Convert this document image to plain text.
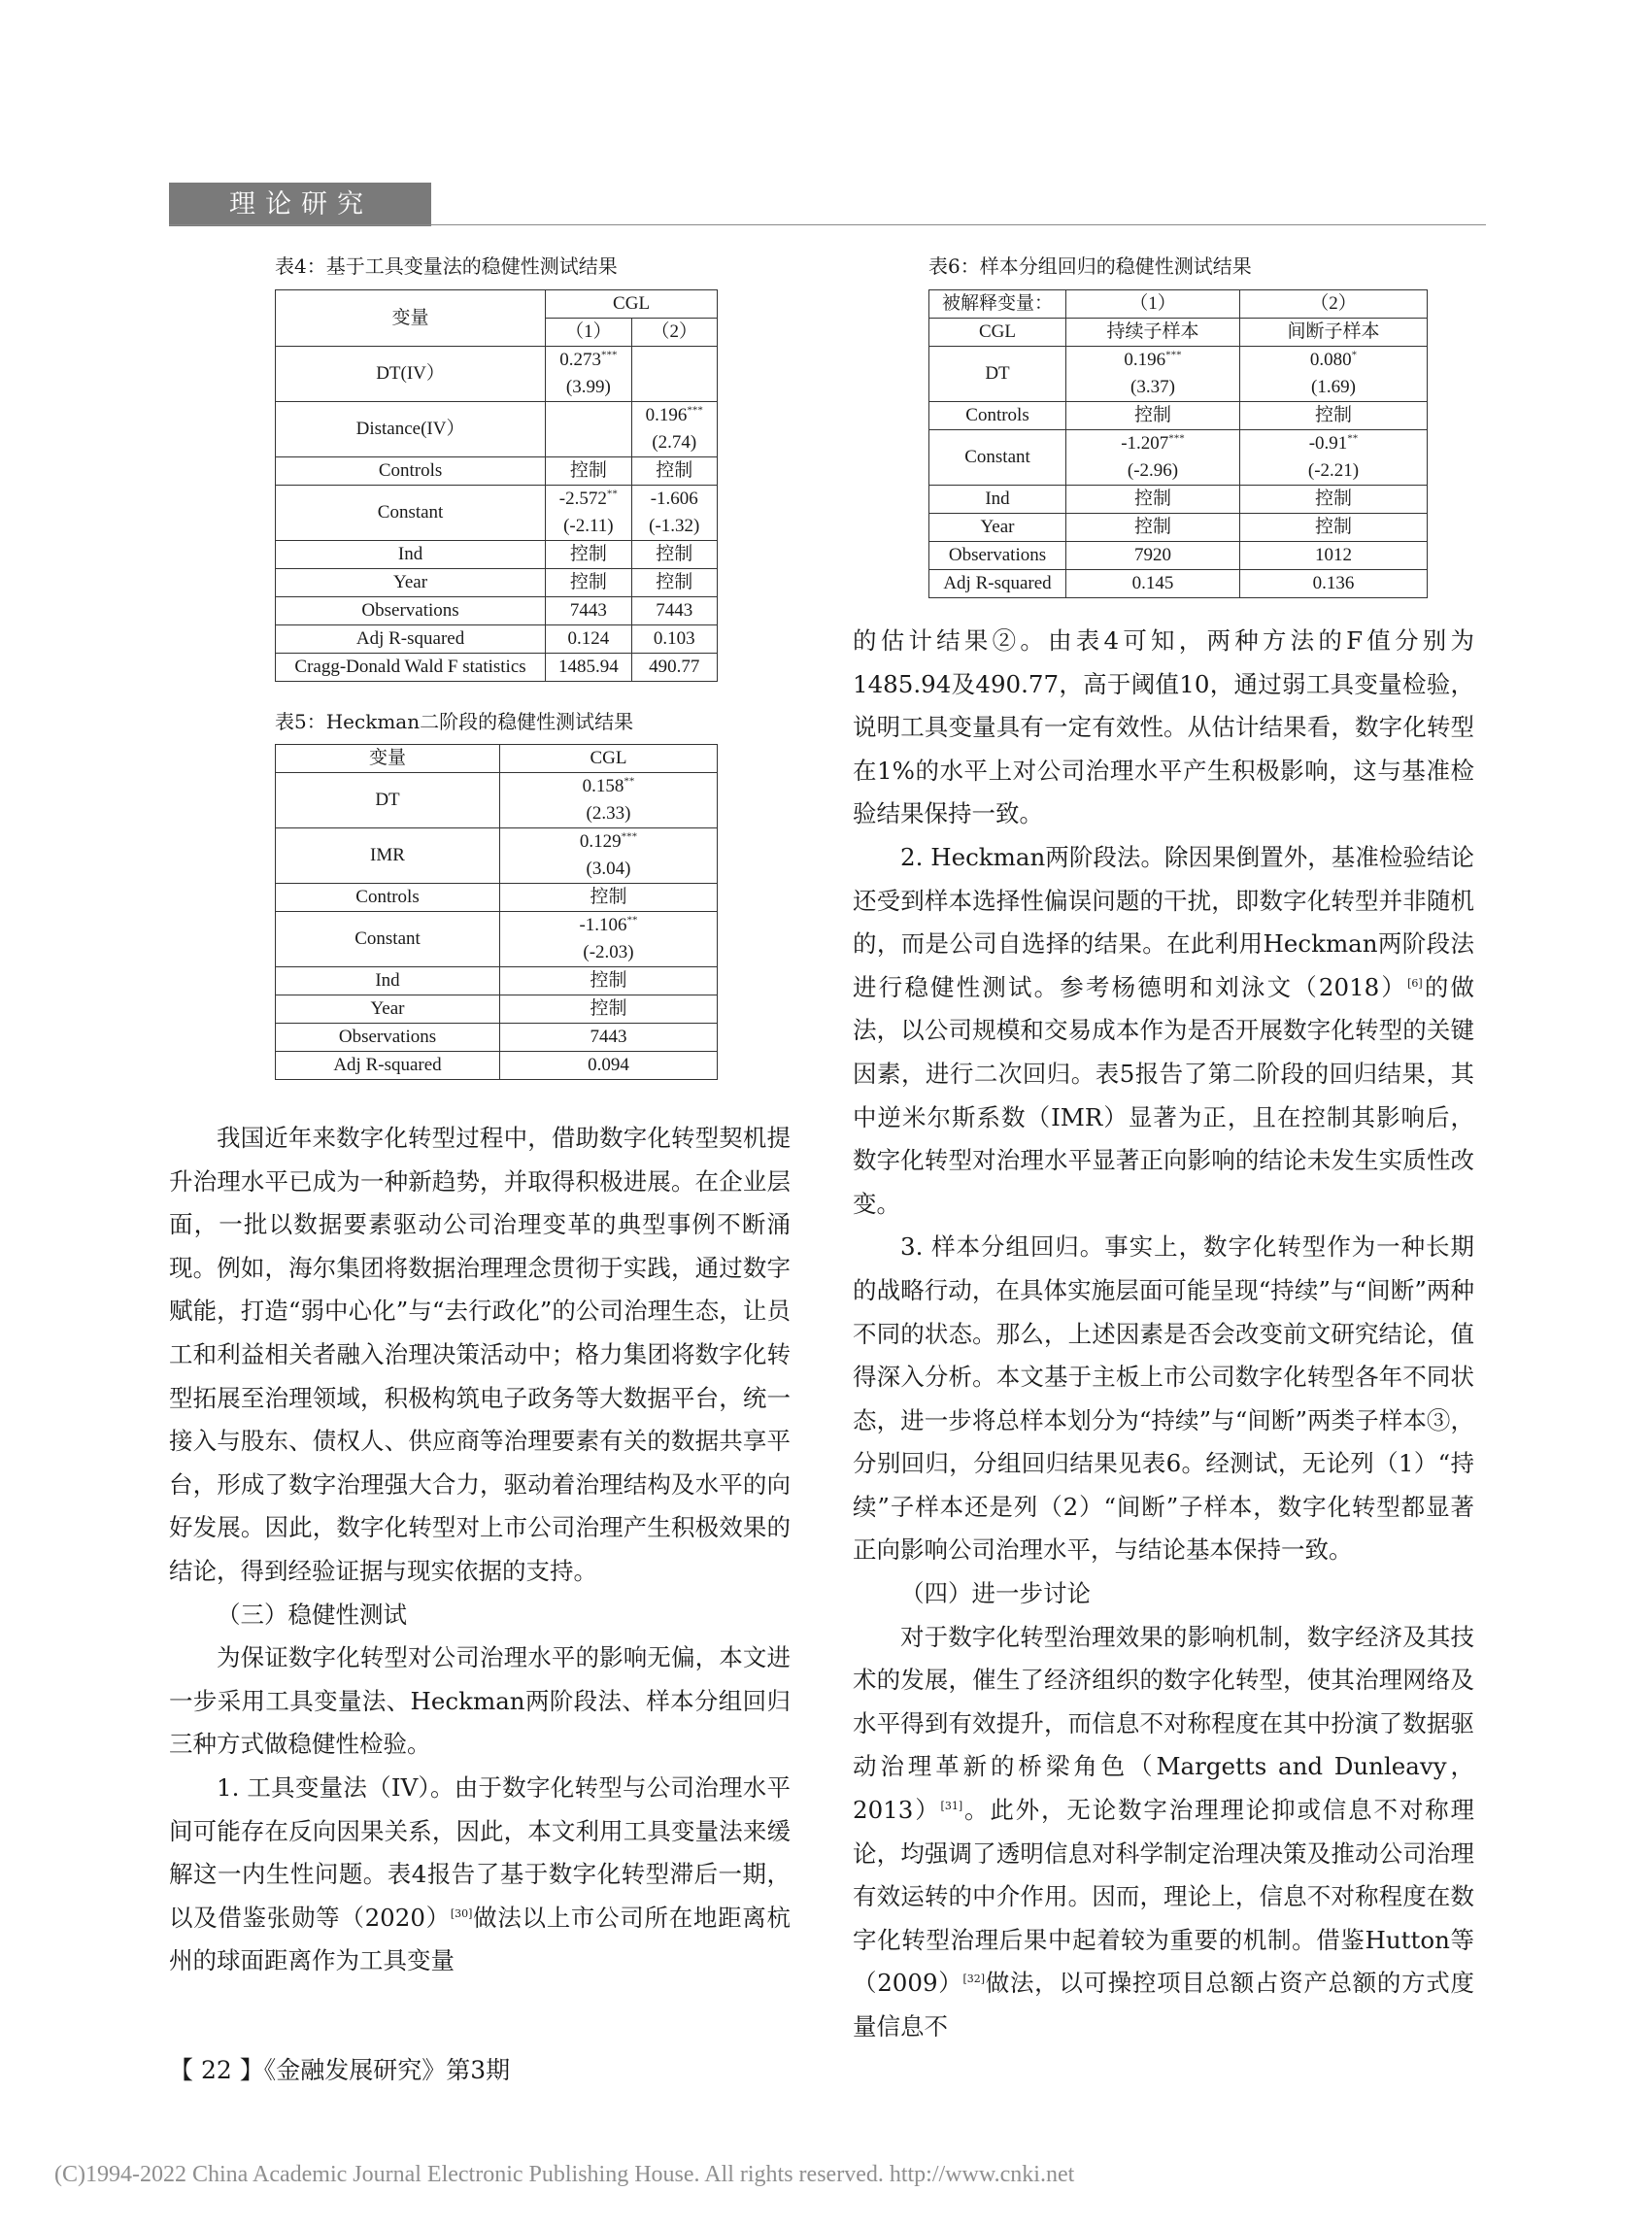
理论研究
表4：基于工具变量法的稳健性测试结果
变量	CGL	
	（1）	（2）
DT(IV）	0.273***	
	(3.99)	
Distance(IV）		0.196***
		(2.74)
Controls	控制	控制
Constant	-2.572**	-1.606
	(-2.11)	(-1.32)
Ind	控制	控制
Year	控制	控制
Observations	7443	7443
Adj R-squared	0.124	0.103
Cragg-Donald Wald F statistics	1485.94	490.77
表5：Heckman二阶段的稳健性测试结果
变量	CGL
DT	0.158**
	(2.33)
IMR	0.129***
	(3.04)
Controls	控制
Constant	-1.106**
	(-2.03)
Ind	控制
Year	控制
Observations	7443
Adj R-squared	0.094
表6：样本分组回归的稳健性测试结果
被解释变量：	（1）	（2）
CGL	持续子样本	间断子样本
DT	0.196***	0.080*
	(3.37)	(1.69)
Controls	控制	控制
Constant	-1.207***	-0.91**
	(-2.96)	(-2.21)
Ind	控制	控制
Year	控制	控制
Observations	7920	1012
Adj R-squared	0.145	0.136

我国近年来数字化转型过程中，借助数字化转型契机提升治理水平已成为一种新趋势，并取得积极进展。在企业层面，一批以数据要素驱动公司治理变革的典型事例不断涌现。例如，海尔集团将数据治理理念贯彻于实践，通过数字赋能，打造“弱中心化”与“去行政化”的公司治理生态，让员工和利益相关者融入治理决策活动中；格力集团将数字化转型拓展至治理领域，积极构筑电子政务等大数据平台，统一接入与股东、债权人、供应商等治理要素有关的数据共享平台，形成了数字治理强大合力，驱动着治理结构及水平的向好发展。因此，数字化转型对上市公司治理产生积极效果的结论，得到经验证据与现实依据的支持。

（三）稳健性测试

为保证数字化转型对公司治理水平的影响无偏，本文进一步采用工具变量法、Heckman两阶段法、样本分组回归三种方式做稳健性检验。

1. 工具变量法（IV）。由于数字化转型与公司治理水平间可能存在反向因果关系，因此，本文利用工具变量法来缓解这一内生性问题。表4报告了基于数字化转型滞后一期，以及借鉴张勋等（2020）[30]做法以上市公司所在地距离杭州的球面距离作为工具变量

的估计结果②。由表4可知，两种方法的F值分别为1485.94及490.77，高于阈值10，通过弱工具变量检验，说明工具变量具有一定有效性。从估计结果看，数字化转型在1%的水平上对公司治理水平产生积极影响，这与基准检验结果保持一致。

2. Heckman两阶段法。除因果倒置外，基准检验结论还受到样本选择性偏误问题的干扰，即数字化转型并非随机的，而是公司自选择的结果。在此利用Heckman两阶段法进行稳健性测试。参考杨德明和刘泳文（2018）[6]的做法，以公司规模和交易成本作为是否开展数字化转型的关键因素，进行二次回归。表5报告了第二阶段的回归结果，其中逆米尔斯系数（IMR）显著为正，且在控制其影响后，数字化转型对治理水平显著正向影响的结论未发生实质性改变。

3. 样本分组回归。事实上，数字化转型作为一种长期的战略行动，在具体实施层面可能呈现“持续”与“间断”两种不同的状态。那么，上述因素是否会改变前文研究结论，值得深入分析。本文基于主板上市公司数字化转型各年不同状态，进一步将总样本划分为“持续”与“间断”两类子样本③，分别回归，分组回归结果见表6。经测试，无论列（1）“持续”子样本还是列（2）“间断”子样本，数字化转型都显著正向影响公司治理水平，与结论基本保持一致。

（四）进一步讨论

对于数字化转型治理效果的影响机制，数字经济及其技术的发展，催生了经济组织的数字化转型，使其治理网络及水平得到有效提升，而信息不对称程度在其中扮演了数据驱动治理革新的桥梁角色（Margetts and Dunleavy，2013）[31]。此外，无论数字治理理论抑或信息不对称理论，均强调了透明信息对科学制定治理决策及推动公司治理有效运转的中介作用。因而，理论上，信息不对称程度在数字化转型治理后果中起着较为重要的机制。借鉴Hutton等（2009）[32]做法，以可操控项目总额占资产总额的方式度量信息不

【 22 】《金融发展研究》第3期
(C)1994-2022 China Academic Journal Electronic Publishing House. All rights reserved. http://www.cnki.net
